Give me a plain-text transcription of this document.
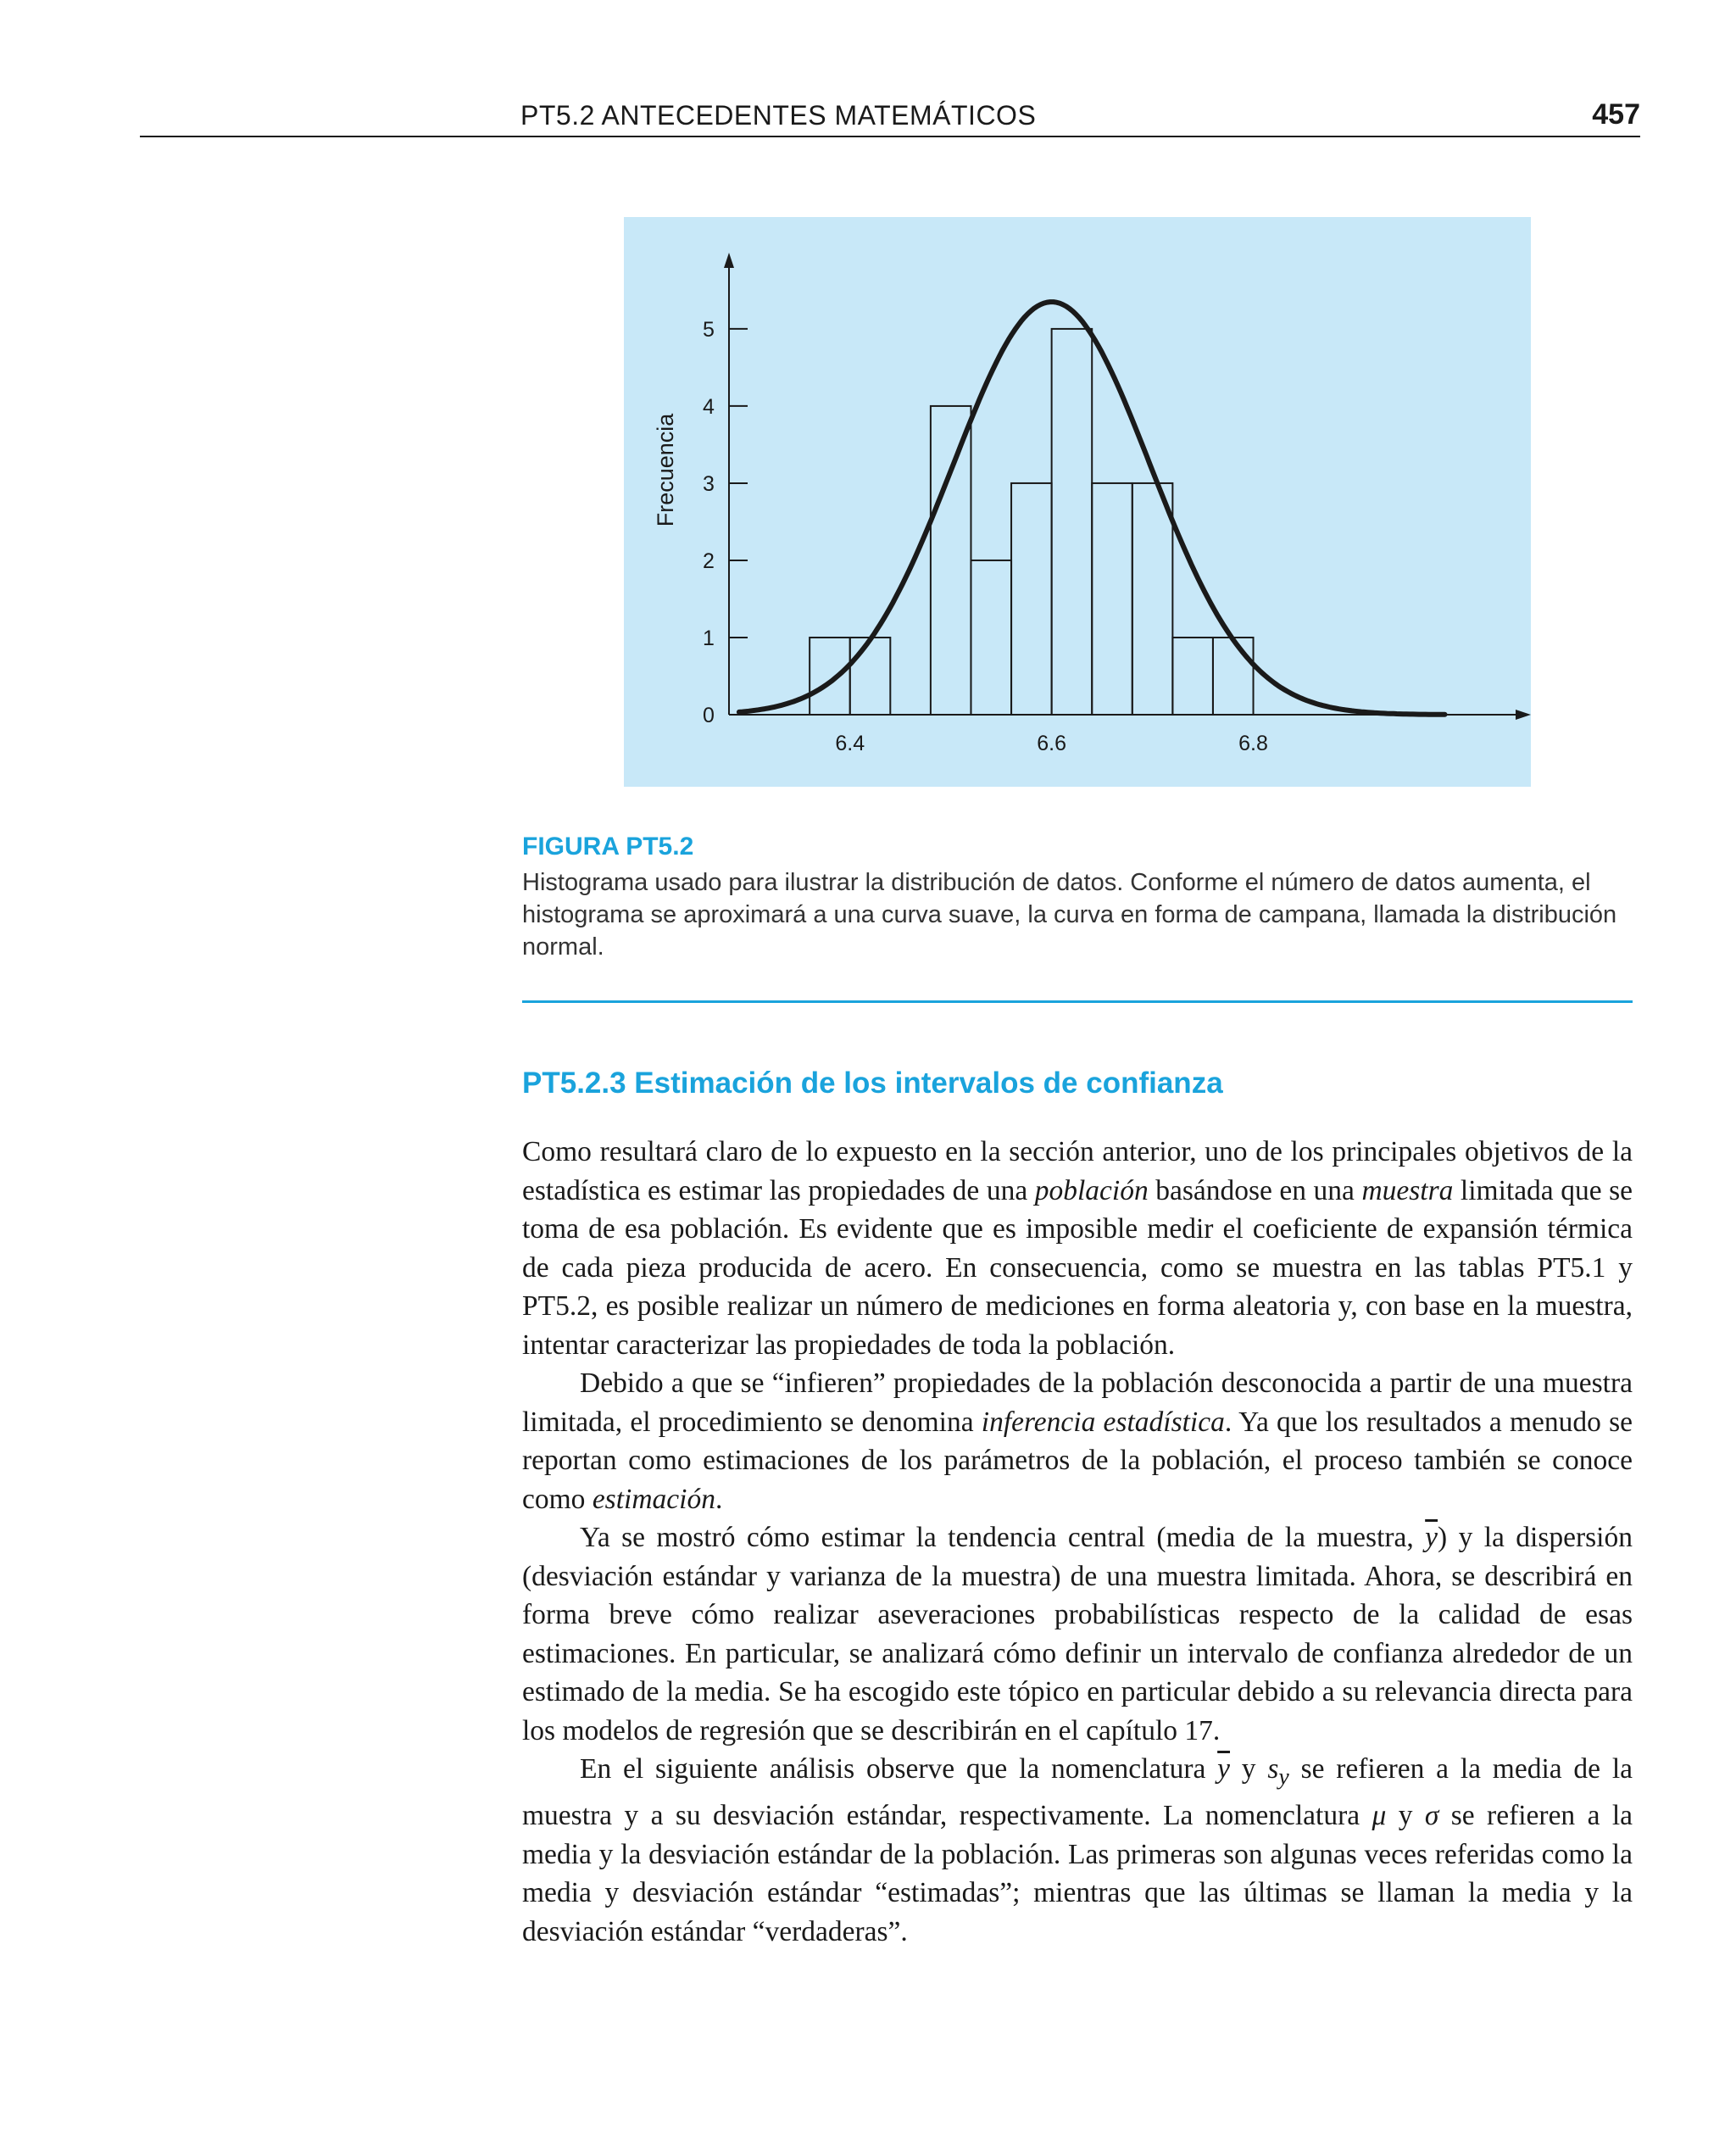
PT5.2 ANTECEDENTES MATEMÁTICOS	457
0
1
2
3
4
5
6.4	6.6	6.8
Frecuencia

FIGURA PT5.2

Histograma usado para ilustrar la distribución de datos. Conforme el número de datos aumenta, el histograma se aproximará a una curva suave, la curva en forma de campana, llamada la distribución normal.

PT5.2.3 Estimación de los intervalos de confianza

Como resultará claro de lo expuesto en la sección anterior, uno de los principales objetivos de la estadística es estimar las propiedades de una población basándose en una muestra limitada que se toma de esa población. Es evidente que es imposible medir el coeficiente de expansión térmica de cada pieza producida de acero. En consecuencia, como se muestra en las tablas PT5.1 y PT5.2, es posible realizar un número de mediciones en forma aleatoria y, con base en la muestra, intentar caracterizar las propiedades de toda la población.

Debido a que se “infieren” propiedades de la población desconocida a partir de una muestra limitada, el procedimiento se denomina inferencia estadística. Ya que los resultados a menudo se reportan como estimaciones de los parámetros de la población, el proceso también se conoce como estimación.

Ya se mostró cómo estimar la tendencia central (media de la muestra, $\overline{y}$) y la dispersión (desviación estándar y varianza de la muestra) de una muestra limitada. Ahora, se describirá en forma breve cómo realizar aseveraciones probabilísticas respecto de la calidad de esas estimaciones. En particular, se analizará cómo definir un intervalo de confianza alrededor de un estimado de la media. Se ha escogido este tópico en particular debido a su relevancia directa para los modelos de regresión que se describirán en el capítulo 17.

En el siguiente análisis observe que la nomenclatura $\overline{y}$ y $s_y$ se refieren a la media de la muestra y a su desviación estándar, respectivamente. La nomenclatura μ y σ se refieren a la media y la desviación estándar de la población. Las primeras son algunas veces referidas como la media y desviación estándar “estimadas”; mientras que las últimas se llaman la media y la desviación estándar “verdaderas”.
